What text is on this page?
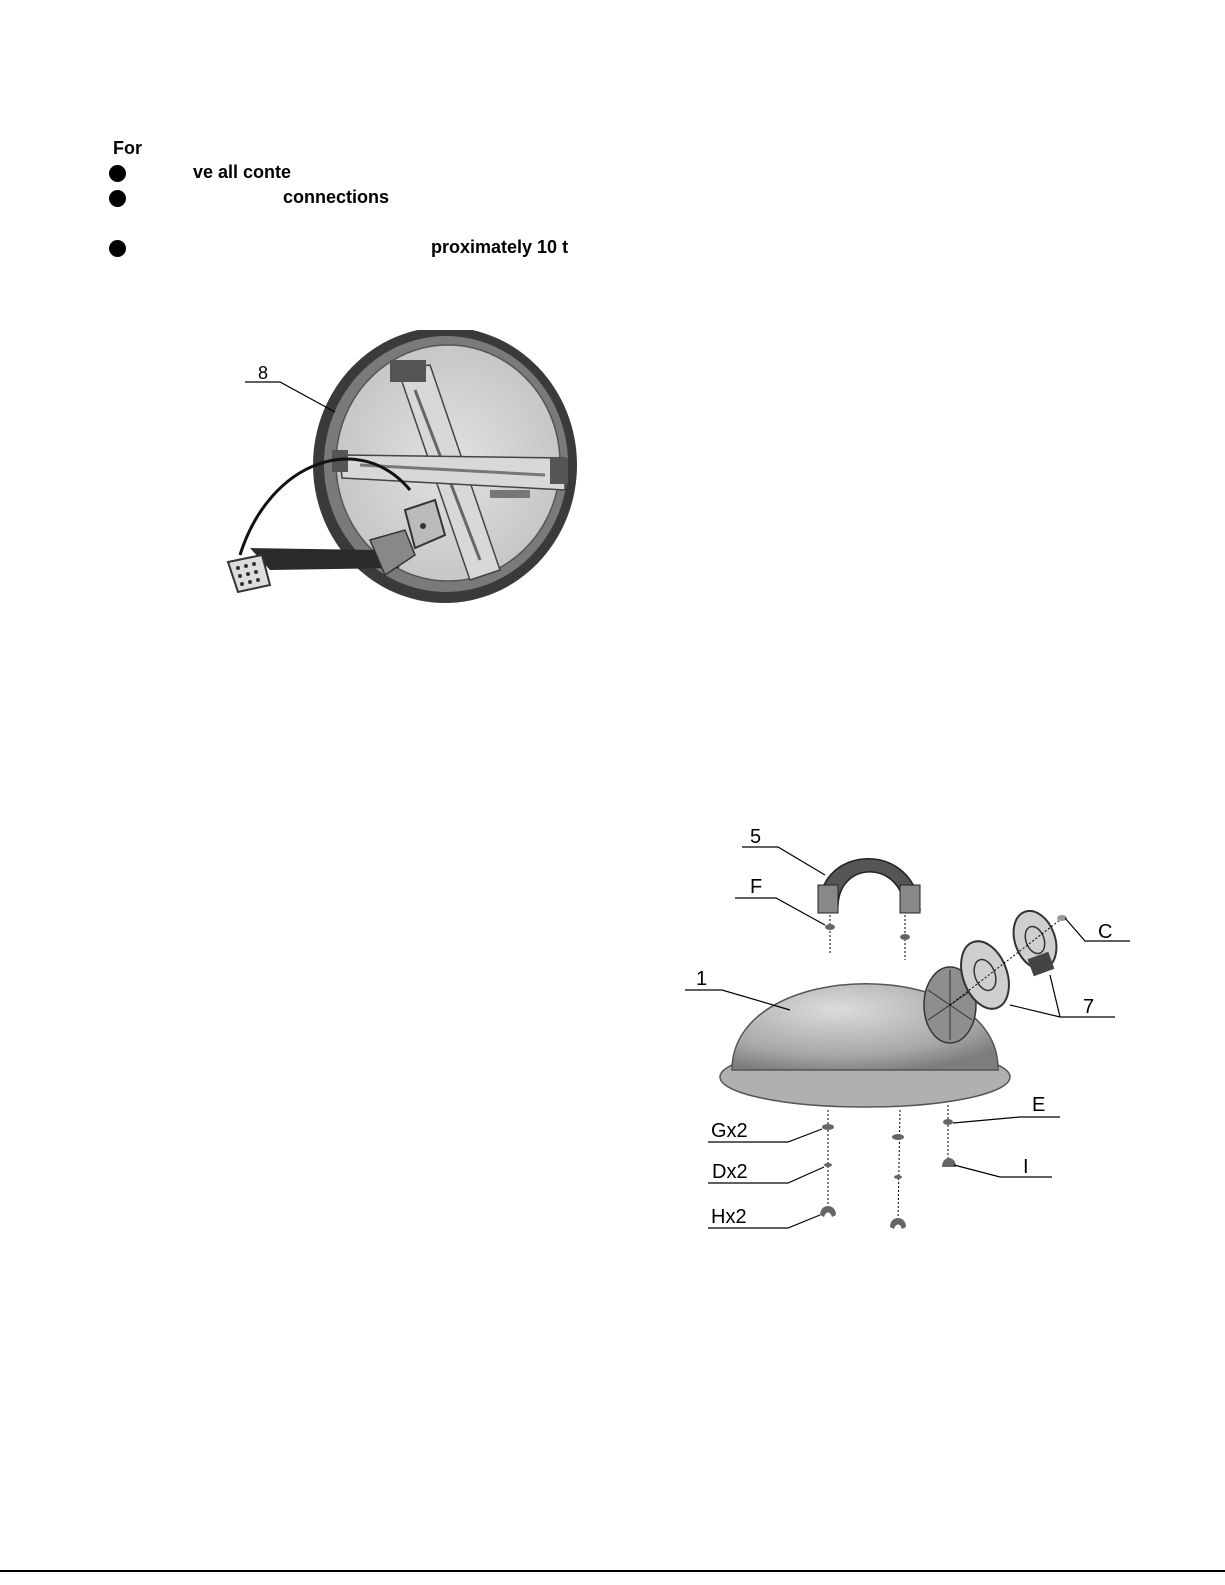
For
ve all conte
connections
proximately 10 t
8
5
F
C
1
7
E
Gx2
Dx2	I
Hx2
